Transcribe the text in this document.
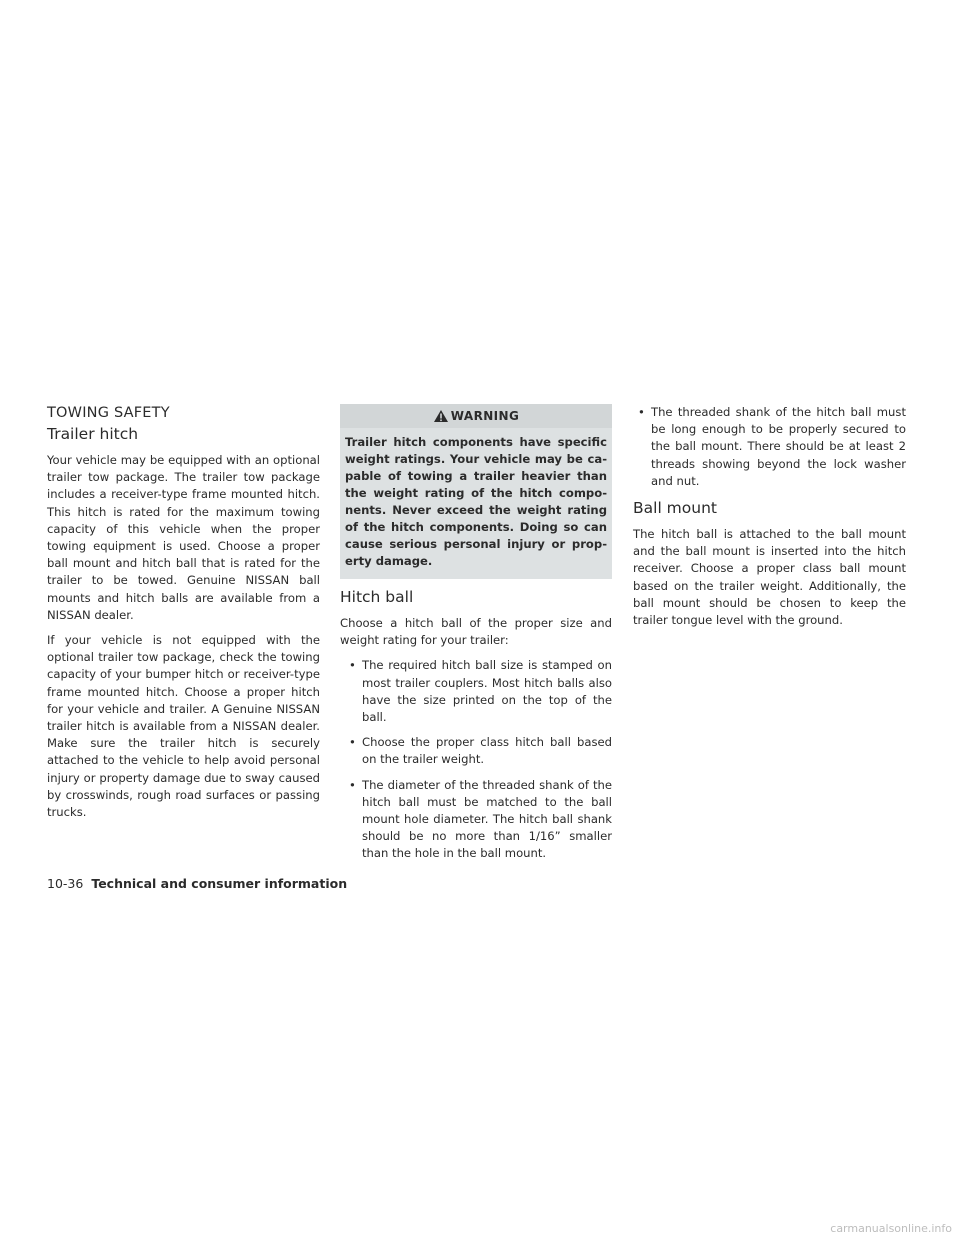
TOWING SAFETY
Trailer hitch

Your vehicle may be equipped with an optional trailer tow package. The trailer tow package includes a receiver-type frame mounted hitch. This hitch is rated for the maximum towing capacity of this vehicle when the proper towing equipment is used. Choose a proper ball mount and hitch ball that is rated for the trailer to be towed. Genuine NISSAN ball mounts and hitch balls are available from a NISSAN dealer.

If your vehicle is not equipped with the optional trailer tow package, check the towing capacity of your bumper hitch or receiver-type frame mounted hitch. Choose a proper hitch for your vehicle and trailer. A Genuine NISSAN trailer hitch is available from a NISSAN dealer. Make sure the trailer hitch is securely attached to the vehicle to help avoid personal injury or property damage due to sway caused by crosswinds, rough road surfaces or passing trucks.

WARNING
Trailer hitch components have specific weight ratings. Your vehicle may be capable of towing a trailer heavier than the weight rating of the hitch components. Never exceed the weight rating of the hitch components. Doing so can cause serious personal injury or property damage.
Hitch ball

Choose a hitch ball of the proper size and weight rating for your trailer:

• The required hitch ball size is stamped on most trailer couplers. Most hitch balls also have the size printed on the top of the ball.
• Choose the proper class hitch ball based on the trailer weight.
• The diameter of the threaded shank of the hitch ball must be matched to the ball mount hole diameter. The hitch ball shank should be no more than 1/16” smaller than the hole in the ball mount.
• The threaded shank of the hitch ball must be long enough to be properly secured to the ball mount. There should be at least 2 threads showing beyond the lock washer and nut.
Ball mount

The hitch ball is attached to the ball mount and the ball mount is inserted into the hitch receiver. Choose a proper class ball mount based on the trailer weight. Additionally, the ball mount should be chosen to keep the trailer tongue level with the ground.

10-36 Technical and consumer information
carmanualsonline.info
